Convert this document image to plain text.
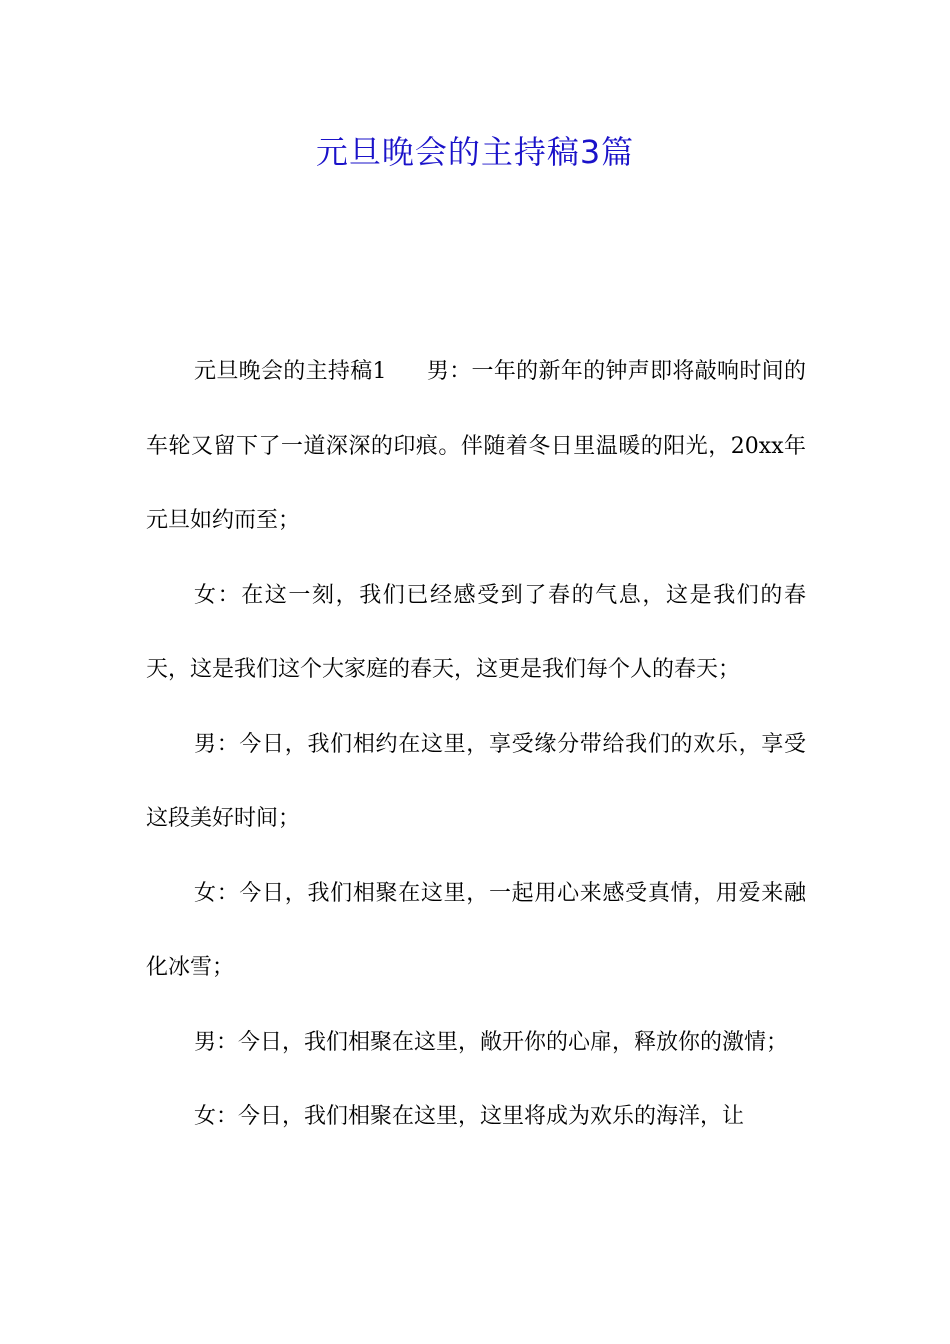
元旦晚会的主持稿3篇

元旦晚会的主持稿1 男：一年的新年的钟声即将敲响时间的车轮又留下了一道深深的印痕。伴随着冬日里温暖的阳光，20xx年元旦如约而至；

女：在这一刻，我们已经感受到了春的气息，这是我们的春天，这是我们这个大家庭的春天，这更是我们每个人的春天；

男：今日，我们相约在这里，享受缘分带给我们的欢乐，享受这段美好时间；

女：今日，我们相聚在这里，一起用心来感受真情，用爱来融化冰雪；

男：今日，我们相聚在这里，敞开你的心扉，释放你的激情；

女：今日，我们相聚在这里，这里将成为欢乐的海洋，让
